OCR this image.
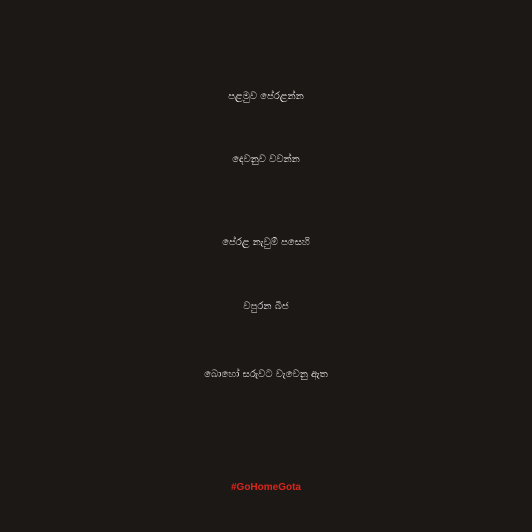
පළමුව පේරළන්න
දෙවනුව වවන්න
පේරළ නැවුම් පසෙහි
වපුරන බීජ
බොහෝ සරුවට වැවෙනු ඇත
#GoHomeGota
